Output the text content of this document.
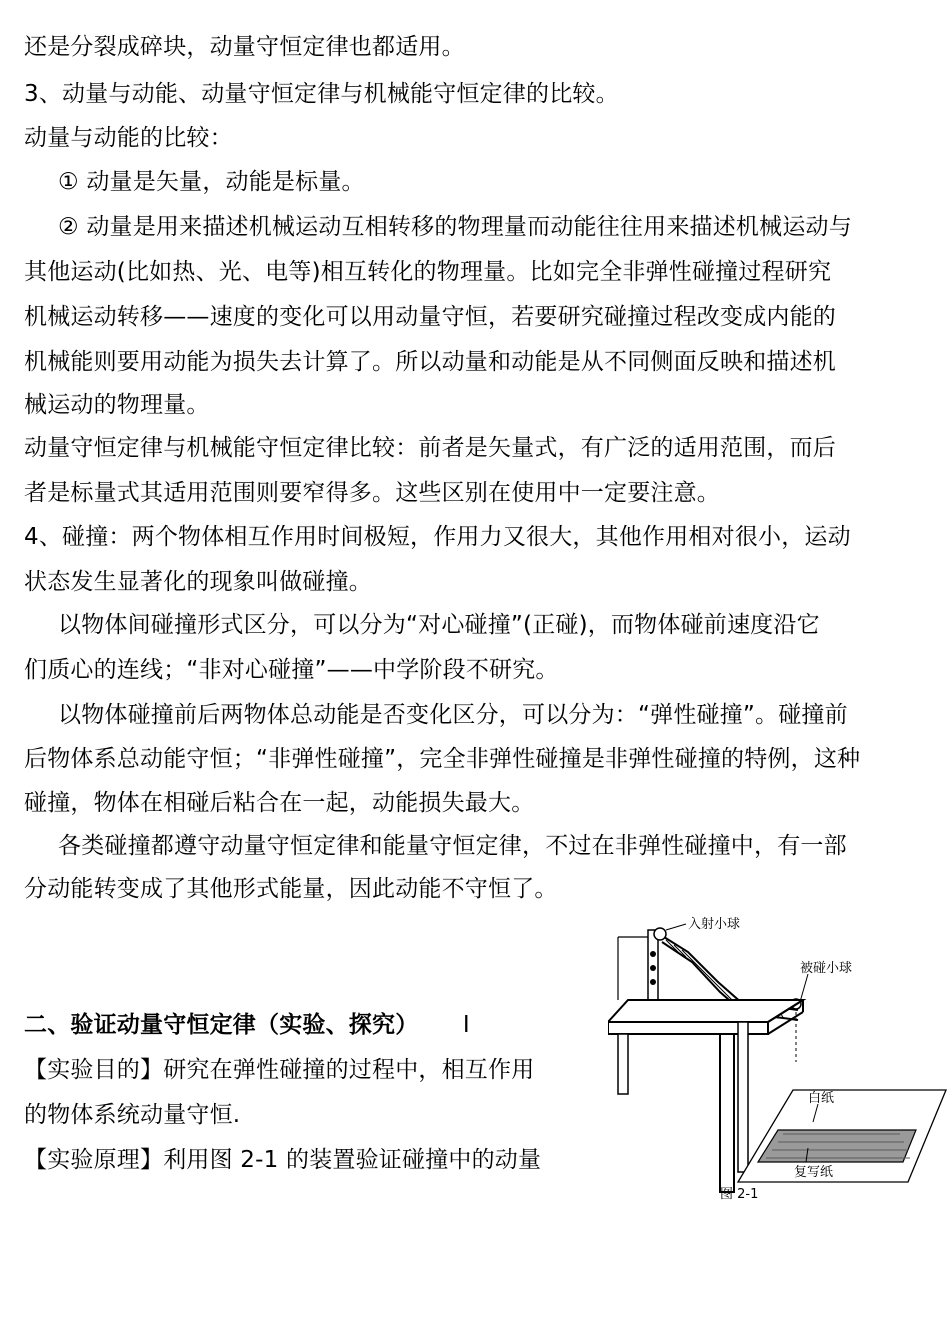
还是分裂成碎块，动量守恒定律也都适用。
3、动量与动能、动量守恒定律与机械能守恒定律的比较。
动量与动能的比较：
① 动量是矢量，动能是标量。
② 动量是用来描述机械运动互相转移的物理量而动能往往用来描述机械运动与
其他运动(比如热、光、电等)相互转化的物理量。比如完全非弹性碰撞过程研究
机械运动转移——速度的变化可以用动量守恒，若要研究碰撞过程改变成内能的
机械能则要用动能为损失去计算了。所以动量和动能是从不同侧面反映和描述机
械运动的物理量。
动量守恒定律与机械能守恒定律比较：前者是矢量式，有广泛的适用范围，而后
者是标量式其适用范围则要窄得多。这些区别在使用中一定要注意。
4、碰撞：两个物体相互作用时间极短，作用力又很大，其他作用相对很小，运动
状态发生显著化的现象叫做碰撞。
以物体间碰撞形式区分，可以分为“对心碰撞”(正碰)，而物体碰前速度沿它
们质心的连线；“非对心碰撞”——中学阶段不研究。
以物体碰撞前后两物体总动能是否变化区分，可以分为：“弹性碰撞”。碰撞前
后物体系总动能守恒；“非弹性碰撞”，完全非弹性碰撞是非弹性碰撞的特例，这种
碰撞，物体在相碰后粘合在一起，动能损失最大。
各类碰撞都遵守动量守恒定律和能量守恒定律，不过在非弹性碰撞中，有一部
分动能转变成了其他形式能量，因此动能不守恒了。
二、验证动量守恒定律（实验、探究） I
【实验目的】研究在弹性碰撞的过程中，相互作用
的物体系统动量守恒.
【实验原理】利用图 2-1 的装置验证碰撞中的动量
入射小球
被碰小球
白纸
复写纸
图 2-1
